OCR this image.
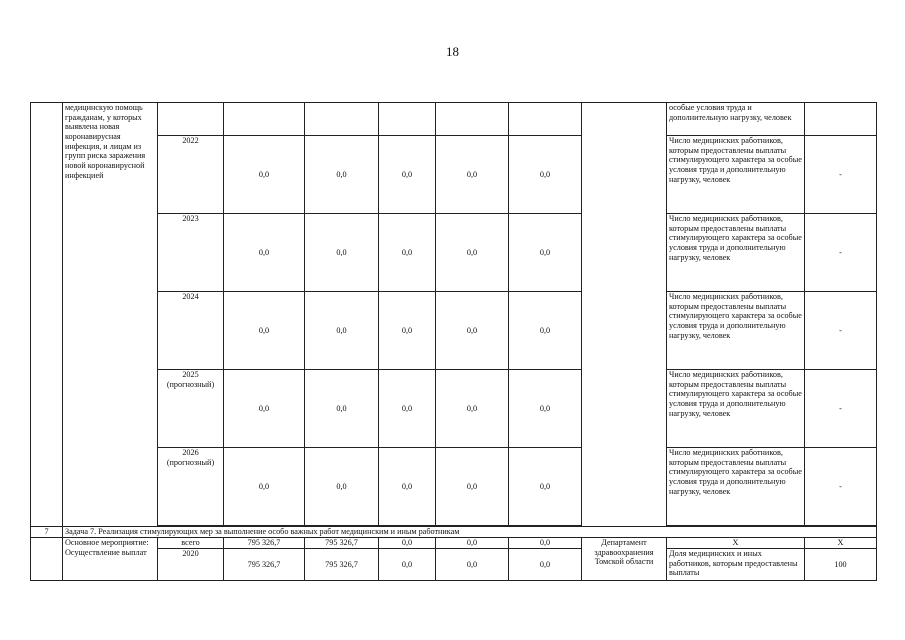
18
	медицинскую помощь гражданам, у которых выявлена новая коронавирусная инфекция, и лицам из групп риска заражения новой коронавирусной инфекцией								особые условия труда и дополнительную нагрузку, человек	
		2022	0,0	0,0	0,0	0,0	0,0		Число медицинских работников, которым предоставлены выплаты стимулирующего характера за особые условия труда и дополнительную нагрузку, человек	-
		2023	0,0	0,0	0,0	0,0	0,0		Число медицинских работников, которым предоставлены выплаты стимулирующего характера за особые условия труда и дополнительную нагрузку, человек	-
		2024	0,0	0,0	0,0	0,0	0,0		Число медицинских работников, которым предоставлены выплаты стимулирующего характера за особые условия труда и дополнительную нагрузку, человек	-
		2025 (прогнозный)	0,0	0,0	0,0	0,0	0,0		Число медицинских работников, которым предоставлены выплаты стимулирующего характера за особые условия труда и дополнительную нагрузку, человек	-
		2026 (прогнозный)	0,0	0,0	0,0	0,0	0,0		Число медицинских работников, которым предоставлены выплаты стимулирующего характера за особые условия труда и дополнительную нагрузку, человек	-

7	Задача 7. Реализация стимулирующих мер за выполнение особо важных работ медицинским и иным работникам									
	Основное мероприятие: Осуществление выплат	всего	795 326,7	795 326,7	0,0	0,0	0,0	Департамент здравоохранения Томской области	Х	Х
		2020	795 326,7	795 326,7	0,0	0,0	0,0		Доля медицинских и иных работников, которым предоставлены выплаты	100
